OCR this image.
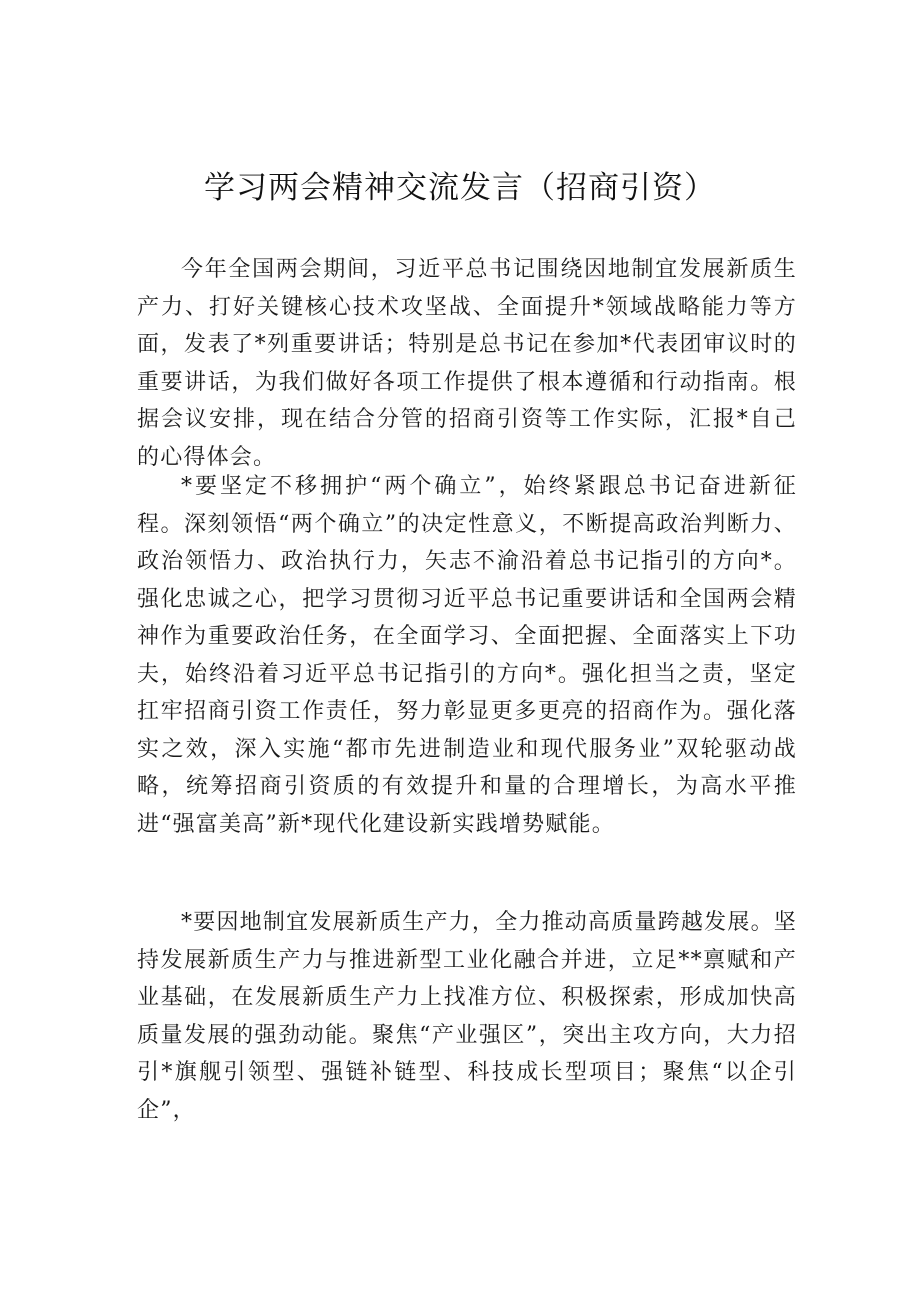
学习两会精神交流发言（招商引资）

今年全国两会期间，习近平总书记围绕因地制宜发展新质生产力、打好关键核心技术攻坚战、全面提升*领域战略能力等方面，发表了*列重要讲话；特别是总书记在参加*代表团审议时的重要讲话，为我们做好各项工作提供了根本遵循和行动指南。根据会议安排，现在结合分管的招商引资等工作实际，汇报*自己的心得体会。

*要坚定不移拥护“两个确立”，始终紧跟总书记奋进新征程。深刻领悟“两个确立”的决定性意义，不断提高政治判断力、政治领悟力、政治执行力，矢志不渝沿着总书记指引的方向*。强化忠诚之心，把学习贯彻习近平总书记重要讲话和全国两会精神作为重要政治任务，在全面学习、全面把握、全面落实上下功夫，始终沿着习近平总书记指引的方向*。强化担当之责，坚定扛牢招商引资工作责任，努力彰显更多更亮的招商作为。强化落实之效，深入实施“都市先进制造业和现代服务业”双轮驱动战略，统筹招商引资质的有效提升和量的合理增长，为高水平推进“强富美高”新*现代化建设新实践增势赋能。

*要因地制宜发展新质生产力，全力推动高质量跨越发展。坚持发展新质生产力与推进新型工业化融合并进，立足**禀赋和产业基础，在发展新质生产力上找准方位、积极探索，形成加快高质量发展的强劲动能。聚焦“产业强区”，突出主攻方向，大力招引*旗舰引领型、强链补链型、科技成长型项目；聚焦“以企引企”，
